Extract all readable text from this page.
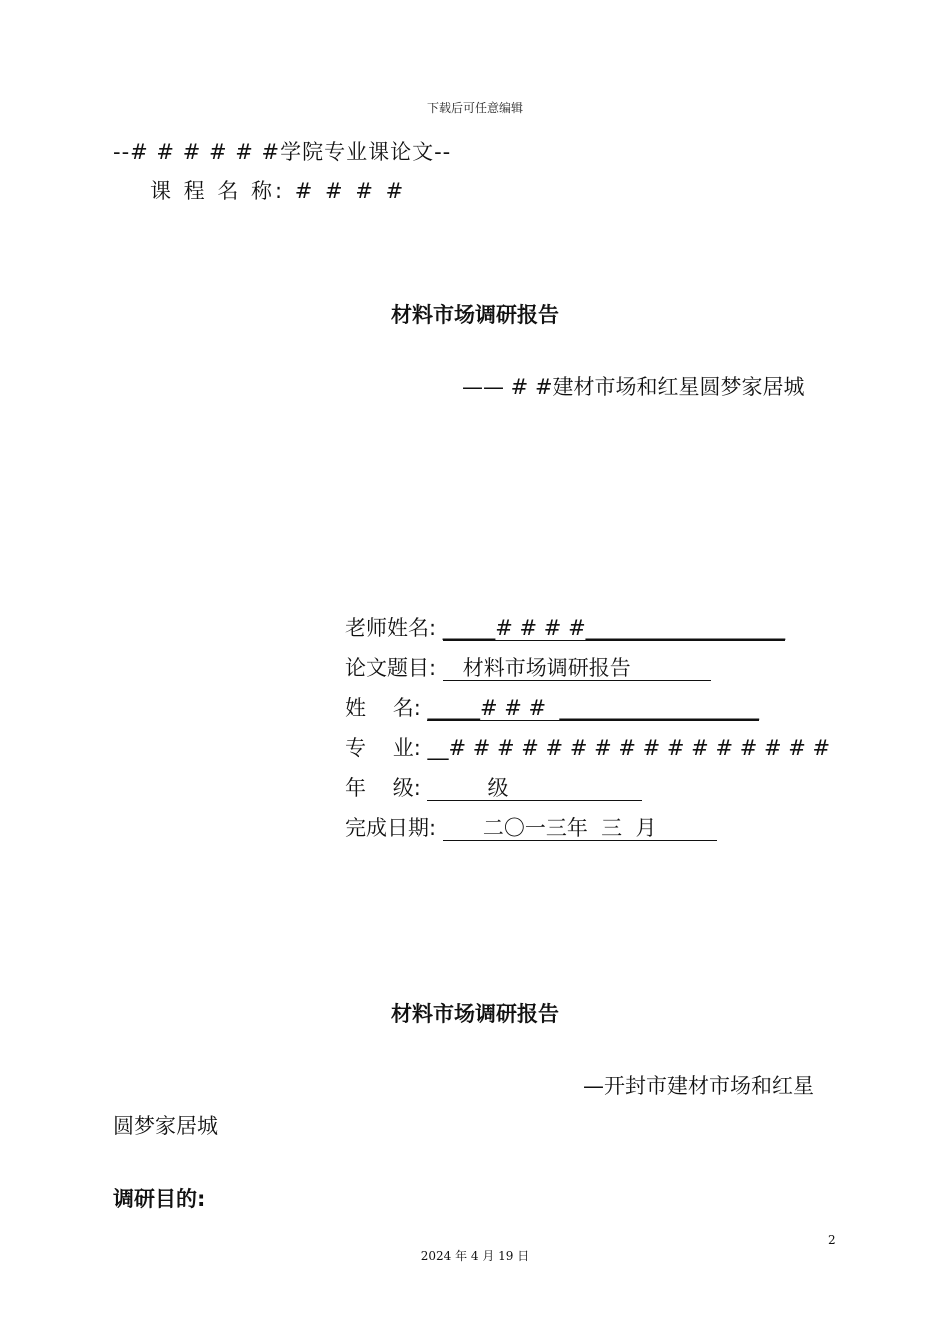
下载后可任意编辑
--# # # # # #学院专业课论文--
课 程 名 称: # # # #
材料市场调研报告
—— # #建材市场和红星圆梦家居城
老师姓名: _____# # # #___________________
论文题目:    材料市场调研报告
姓    名: _____# # #  ___________________
专    业: __# # # # # # # # # # # # # # # #
年    级:          级
完成日期:       二〇一三年  三  月
材料市场调研报告
—开封市建材市场和红星
圆梦家居城
调研目的:
2
2024 年 4 月 19 日
